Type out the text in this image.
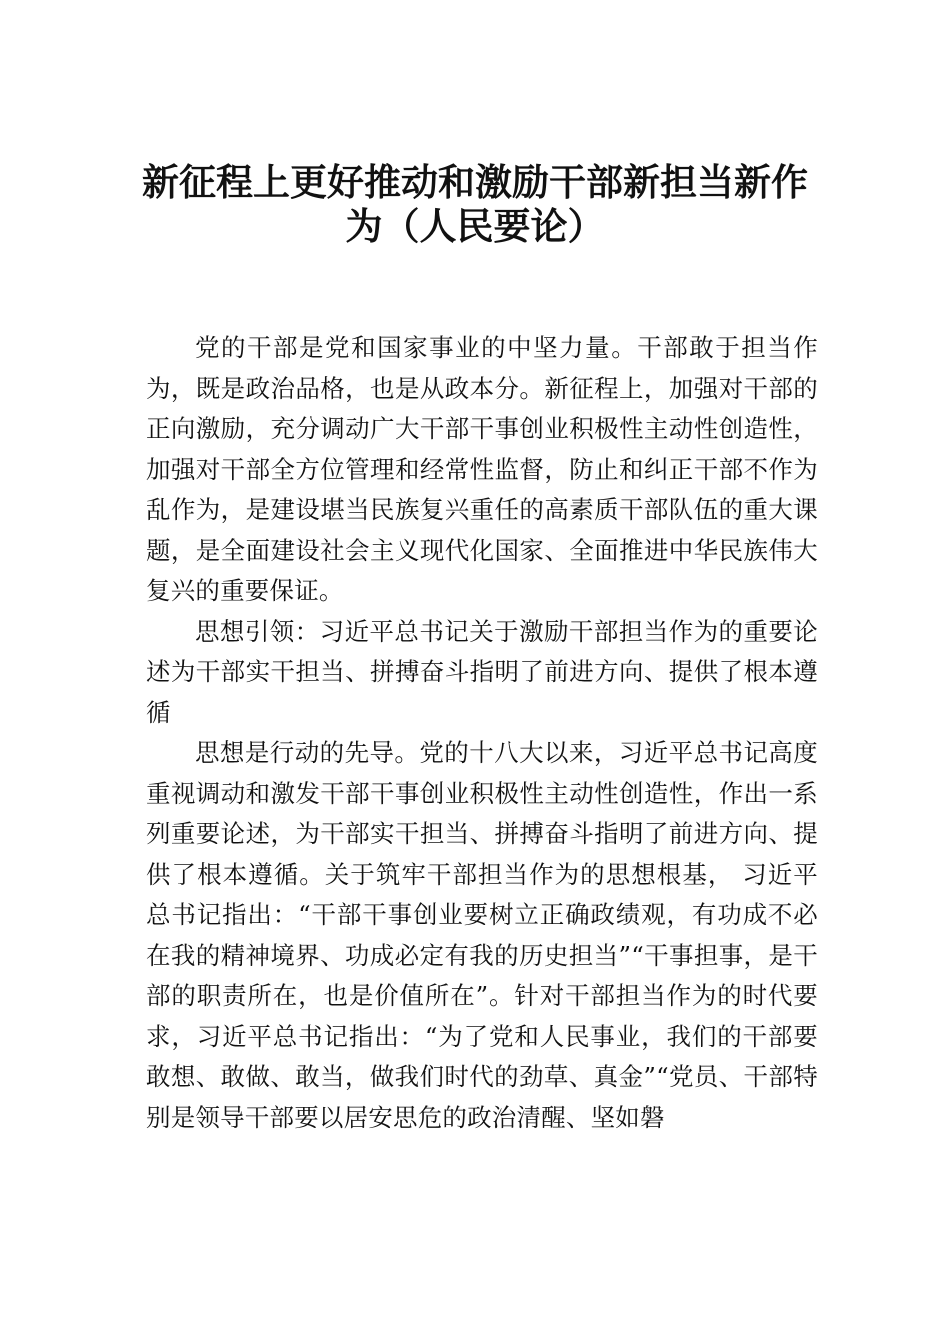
新征程上更好推动和激励干部新担当新作
为（人民要论）

党的干部是党和国家事业的中坚力量。干部敢于担当作为，既是政治品格，也是从政本分。新征程上，加强对干部的正向激励，充分调动广大干部干事创业积极性主动性创造性，加强对干部全方位管理和经常性监督，防止和纠正干部不作为乱作为，是建设堪当民族复兴重任的高素质干部队伍的重大课题，是全面建设社会主义现代化国家、全面推进中华民族伟大复兴的重要保证。

思想引领：习近平总书记关于激励干部担当作为的重要论述为干部实干担当、拼搏奋斗指明了前进方向、提供了根本遵循

思想是行动的先导。党的十八大以来，习近平总书记高度重视调动和激发干部干事创业积极性主动性创造性，作出一系列重要论述，为干部实干担当、拼搏奋斗指明了前进方向、提供了根本遵循。关于筑牢干部担当作为的思想根基， 习近平总书记指出：“干部干事创业要树立正确政绩观，有功成不必在我的精神境界、功成必定有我的历史担当”“干事担事，是干部的职责所在，也是价值所在”。针对干部担当作为的时代要求，习近平总书记指出：“为了党和人民事业，我们的干部要敢想、敢做、敢当，做我们时代的劲草、真金”“党员、干部特别是领导干部要以居安思危的政治清醒、坚如磐
